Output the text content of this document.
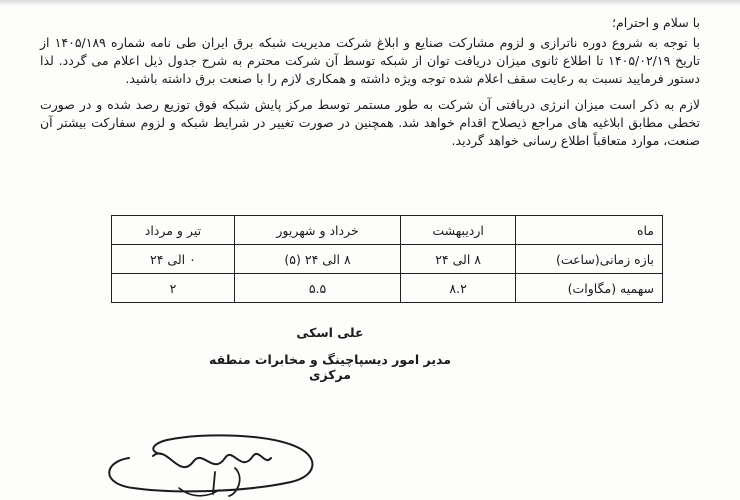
با سلام و احترام؛

با توجه به شروع دوره ناترازی و لزوم مشارکت صنایع و ابلاغ شرکت مدیریت شبکه برق ایران طی نامه شماره ۱۴۰۵/۱۸۹ از تاریخ ۱۴۰۵/۰۲/۱۹ تا اطلاع ثانوی میزان دریافت توان از شبکه توسط آن شرکت محترم به شرح جدول ذیل اعلام می گردد. لذا دستور فرمایید نسبت به رعایت سقف اعلام شده توجه ویژه داشته و همکاری لازم را با صنعت برق داشته باشید.

لازم به ذکر است میزان انرژی دریافتی آن شرکت به طور مستمر توسط مرکز پایش شبکه فوق توزیع رصد شده و در صورت تخطی مطابق ابلاغیه های مراجع ذیصلاح اقدام خواهد شد. همچنین در صورت تغییر در شرایط شبکه و لزوم سفارکت بیشتر آن صنعت، موارد متعاقباً اطلاع رسانی خواهد گردید.

ماه	اردیبهشت	خرداد و شهریور	تیر و مرداد
بازه زمانی(ساعت)	۸ الی ۲۴	۸ الی ۲۴ (۵)	۰ الی ۲۴
سهمیه (مگاوات)	۸.۲	۵.۵	۲

علی اسکی

مدیر امور دیسپاچینگ و مخابرات منطقه مرکزی
